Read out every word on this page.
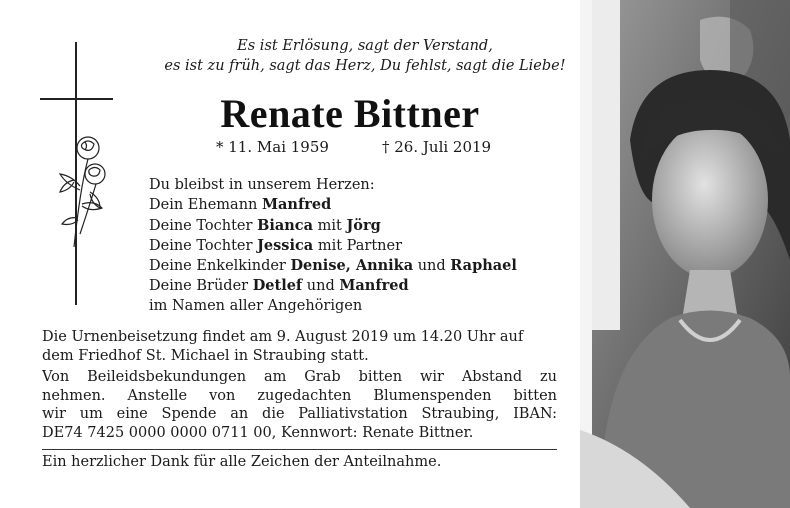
Es ist Erlösung, sagt der Verstand,
es ist zu früh, sagt das Herz, Du fehlst, sagt die Liebe!
Renate Bittner
* 11. Mai 1959	† 26. Juli 2019
Du bleibst in unserem Herzen:
Dein Ehemann Manfred
Deine Tochter Bianca mit Jörg
Deine Tochter Jessica mit Partner
Deine Enkelkinder Denise, Annika und Raphael
Deine Brüder Detlef und Manfred
im Namen aller Angehörigen
Die Urnenbeisetzung findet am 9. August 2019 um 14.20 Uhr auf
dem Friedhof St. Michael in Straubing statt.
Von Beileidsbekundungen am Grab bitten wir Abstand zu
nehmen. Anstelle von zugedachten Blumenspenden bitten
wir um eine Spende an die Palliativstation Straubing, IBAN:
DE74 7425 0000 0000 0711 00, Kennwort: Renate Bittner.
Ein herzlicher Dank für alle Zeichen der Anteilnahme.
